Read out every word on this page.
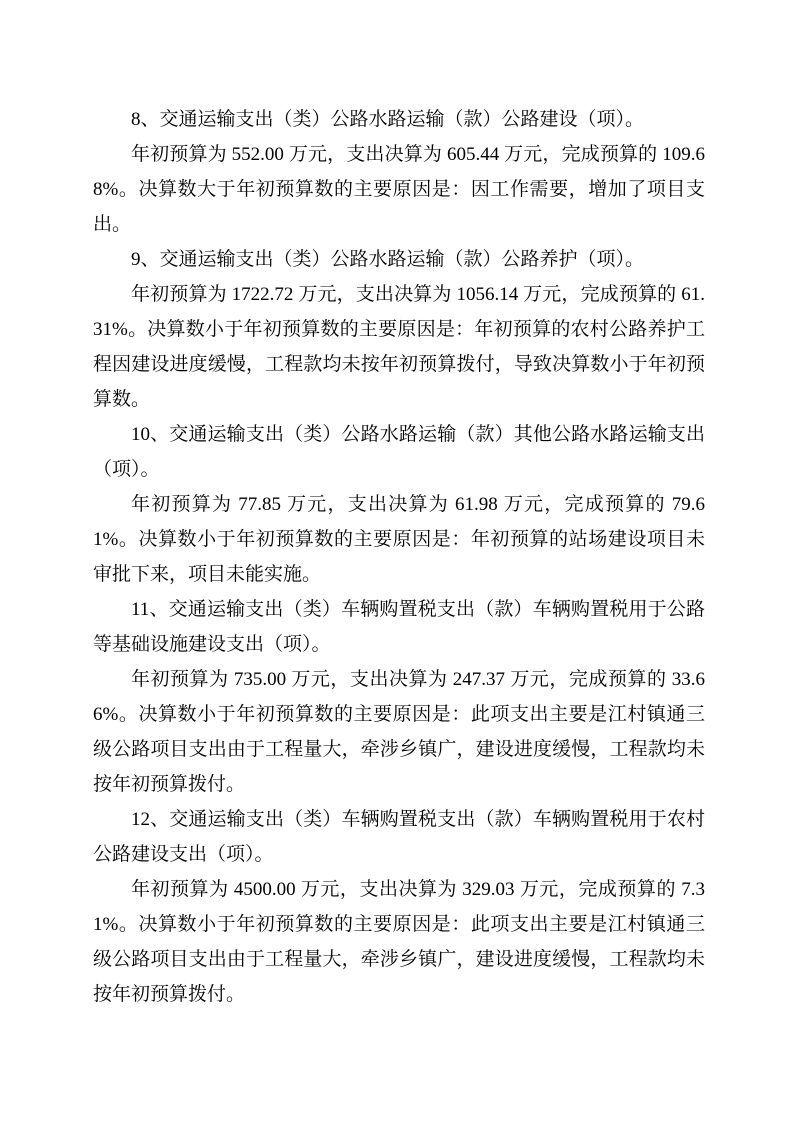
8、交通运输支出（类）公路水路运输（款）公路建设（项）。

年初预算为 552.00 万元，支出决算为 605.44 万元，完成预算的 109.68%。决算数大于年初预算数的主要原因是：因工作需要，增加了项目支出。

9、交通运输支出（类）公路水路运输（款）公路养护（项）。

年初预算为 1722.72 万元，支出决算为 1056.14 万元，完成预算的 61.31%。决算数小于年初预算数的主要原因是：年初预算的农村公路养护工程因建设进度缓慢，工程款均未按年初预算拨付，导致决算数小于年初预算数。

10、交通运输支出（类）公路水路运输（款）其他公路水路运输支出（项）。

年初预算为 77.85 万元，支出决算为 61.98 万元，完成预算的 79.61%。决算数小于年初预算数的主要原因是：年初预算的站场建设项目未审批下来，项目未能实施。

11、交通运输支出（类）车辆购置税支出（款）车辆购置税用于公路等基础设施建设支出（项）。

年初预算为 735.00 万元，支出决算为 247.37 万元，完成预算的 33.66%。决算数小于年初预算数的主要原因是：此项支出主要是江村镇通三级公路项目支出由于工程量大，牵涉乡镇广，建设进度缓慢，工程款均未按年初预算拨付。

12、交通运输支出（类）车辆购置税支出（款）车辆购置税用于农村公路建设支出（项）。

年初预算为 4500.00 万元，支出决算为 329.03 万元，完成预算的 7.31%。决算数小于年初预算数的主要原因是：此项支出主要是江村镇通三级公路项目支出由于工程量大，牵涉乡镇广，建设进度缓慢，工程款均未按年初预算拨付。
